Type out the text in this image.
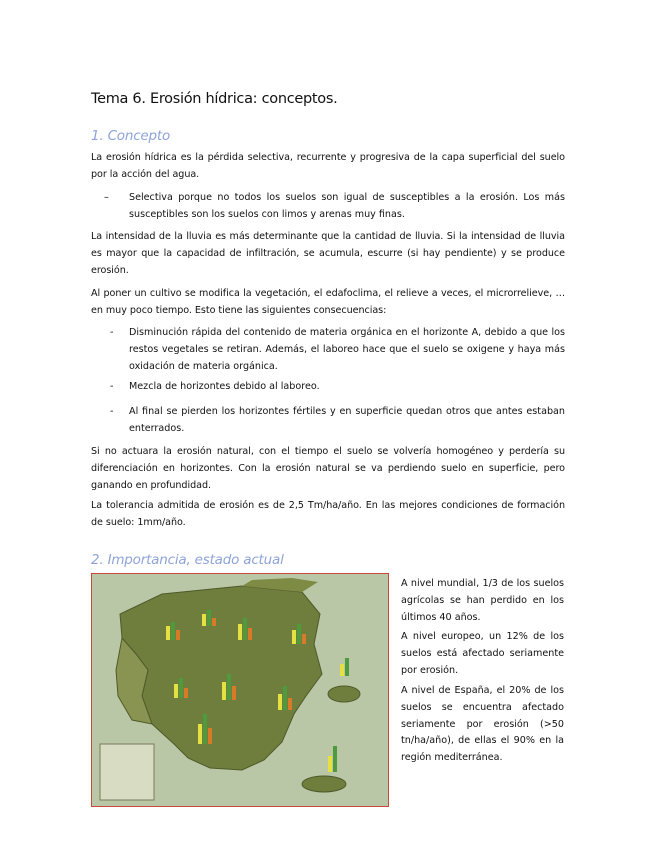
Tema 6. Erosión hídrica: conceptos.
1. Concepto

La erosión hídrica es la pérdida selectiva, recurrente y progresiva de la capa superficial del suelo por la acción del agua.

– Selectiva porque no todos los suelos son igual de susceptibles a la erosión. Los más susceptibles son los suelos con limos y arenas muy finas.

La intensidad de la lluvia es más determinante que la cantidad de lluvia. Si la intensidad de lluvia es mayor que la capacidad de infiltración, se acumula, escurre (si hay pendiente) y se produce erosión.

Al poner un cultivo se modifica la vegetación, el edafoclima, el relieve a veces, el microrrelieve, … en muy poco tiempo. Esto tiene las siguientes consecuencias:

- Disminución rápida del contenido de materia orgánica en el horizonte A, debido a que los restos vegetales se retiran. Además, el laboreo hace que el suelo se oxigene y haya más oxidación de materia orgánica.

- Mezcla de horizontes debido al laboreo.

- Al final se pierden los horizontes fértiles y en superficie quedan otros que antes estaban enterrados.

Si no actuara la erosión natural, con el tiempo el suelo se volvería homogéneo y perdería su diferenciación en horizontes. Con la erosión natural se va perdiendo suelo en superficie, pero ganando en profundidad.

La tolerancia admitida de erosión es de 2,5 Tm/ha/año. En las mejores condiciones de formación de suelo: 1mm/año.

2. Importancia, estado actual

A nivel mundial, 1/3 de los suelos agrícolas se han perdido en los últimos 40 años.

A nivel europeo, un 12% de los suelos está afectado seriamente por erosión.

A nivel de España, el 20% de los suelos se encuentra afectado seriamente por erosión (>50 tn/ha/año), de ellas el 90% en la región mediterránea.
